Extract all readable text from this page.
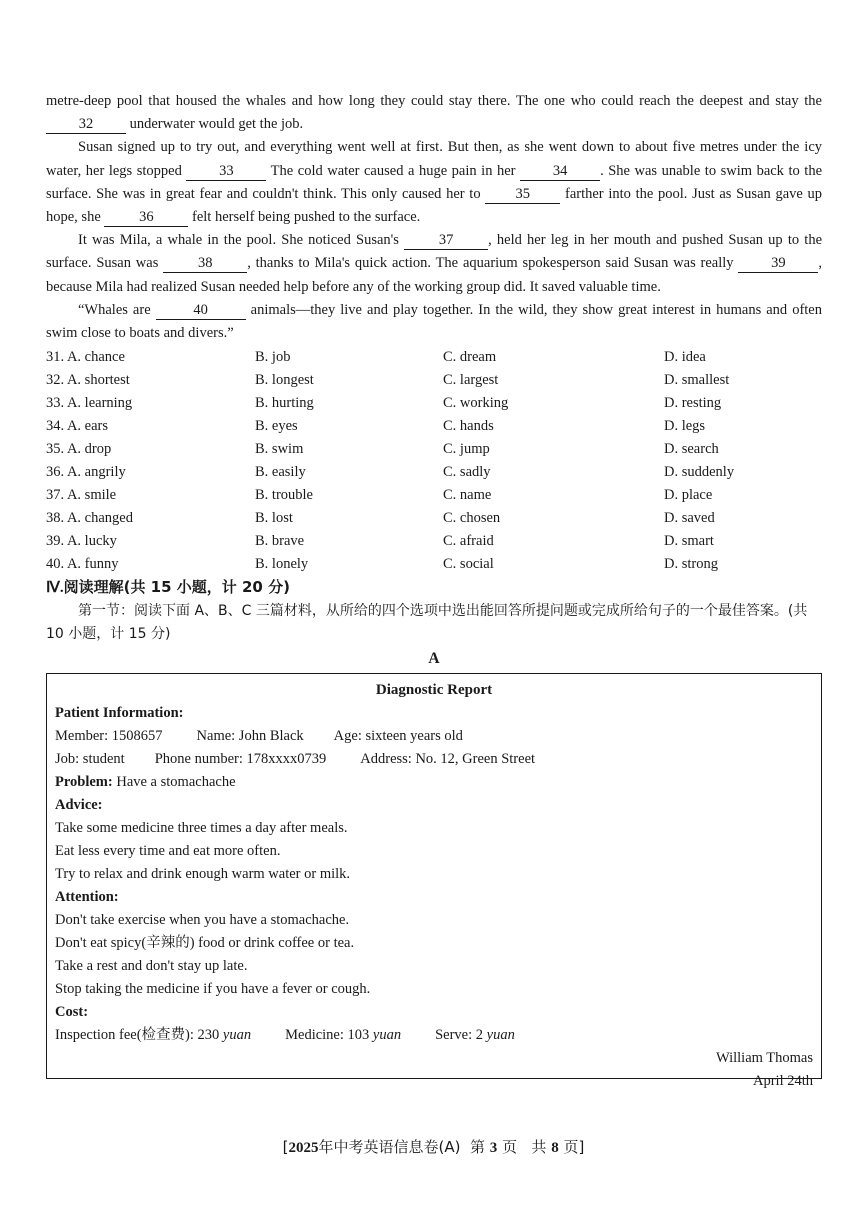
metre-deep pool that housed the whales and how long they could stay there. The one who could reach the deepest and stay the 32	underwater would get the job.

Susan signed up to try out, and everything went well at first. But then, as she went down to about five metres under the icy water, her legs stopped	33	The cold water caused a huge pain in her	34 . She was unable to swim back to the surface. She was in great fear and couldn't think. This only caused her to 35 farther into the pool. Just as Susan gave up hope, she	36	felt herself being pushed to the surface.

It was Mila, a whale in the pool. She noticed Susan's	37 , held her leg in her mouth and pushed Susan up to the surface. Susan was	38 , thanks to Mila's quick action. The aquarium spokesperson said Susan was really	39 , because Mila had realized Susan needed help before any of the working group did. It saved valuable time.

“Whales are	40	animals—they live and play together. In the wild, they show great interest in humans and often swim close to boats and divers.”

31. A. chance	B. job	C. dream	D. idea
32. A. shortest	B. longest	C. largest	D. smallest
33. A. learning	B. hurting	C. working	D. resting
34. A. ears	B. eyes	C. hands	D. legs
35. A. drop	B. swim	C. jump	D. search
36. A. angrily	B. easily	C. sadly	D. suddenly
37. A. smile	B. trouble	C. name	D. place
38. A. changed	B. lost	C. chosen	D. saved
39. A. lucky	B. brave	C. afraid	D. smart
40. A. funny	B. lonely	C. social	D. strong
Ⅳ.阅读理解(共 15 小题，计 20 分)
第一节：阅读下面 A、B、C 三篇材料，从所给的四个选项中选出能回答所提问题或完成所给句子的一个最佳答案。(共 10 小题，计 15 分)
A
Diagnostic Report
Patient Information:
Member: 1508657 Name: John Black Age: sixteen years old
Job: student Phone number: 178xxxx0739 Address: No. 12, Green Street
Problem: Have a stomachache
Advice:
Take some medicine three times a day after meals.
Eat less every time and eat more often.
Try to relax and drink enough warm water or milk.
Attention:
Don't take exercise when you have a stomachache.
Don't eat spicy(辛辣的) food or drink coffee or tea.
Take a rest and don't stay up late.
Stop taking the medicine if you have a fever or cough.
Cost:
Inspection fee(检查费): 230 yuan Medicine: 103 yuan Serve: 2 yuan
William Thomas
April 24th
[2025年中考英语信息卷(A) 第 3 页 共 8 页]
